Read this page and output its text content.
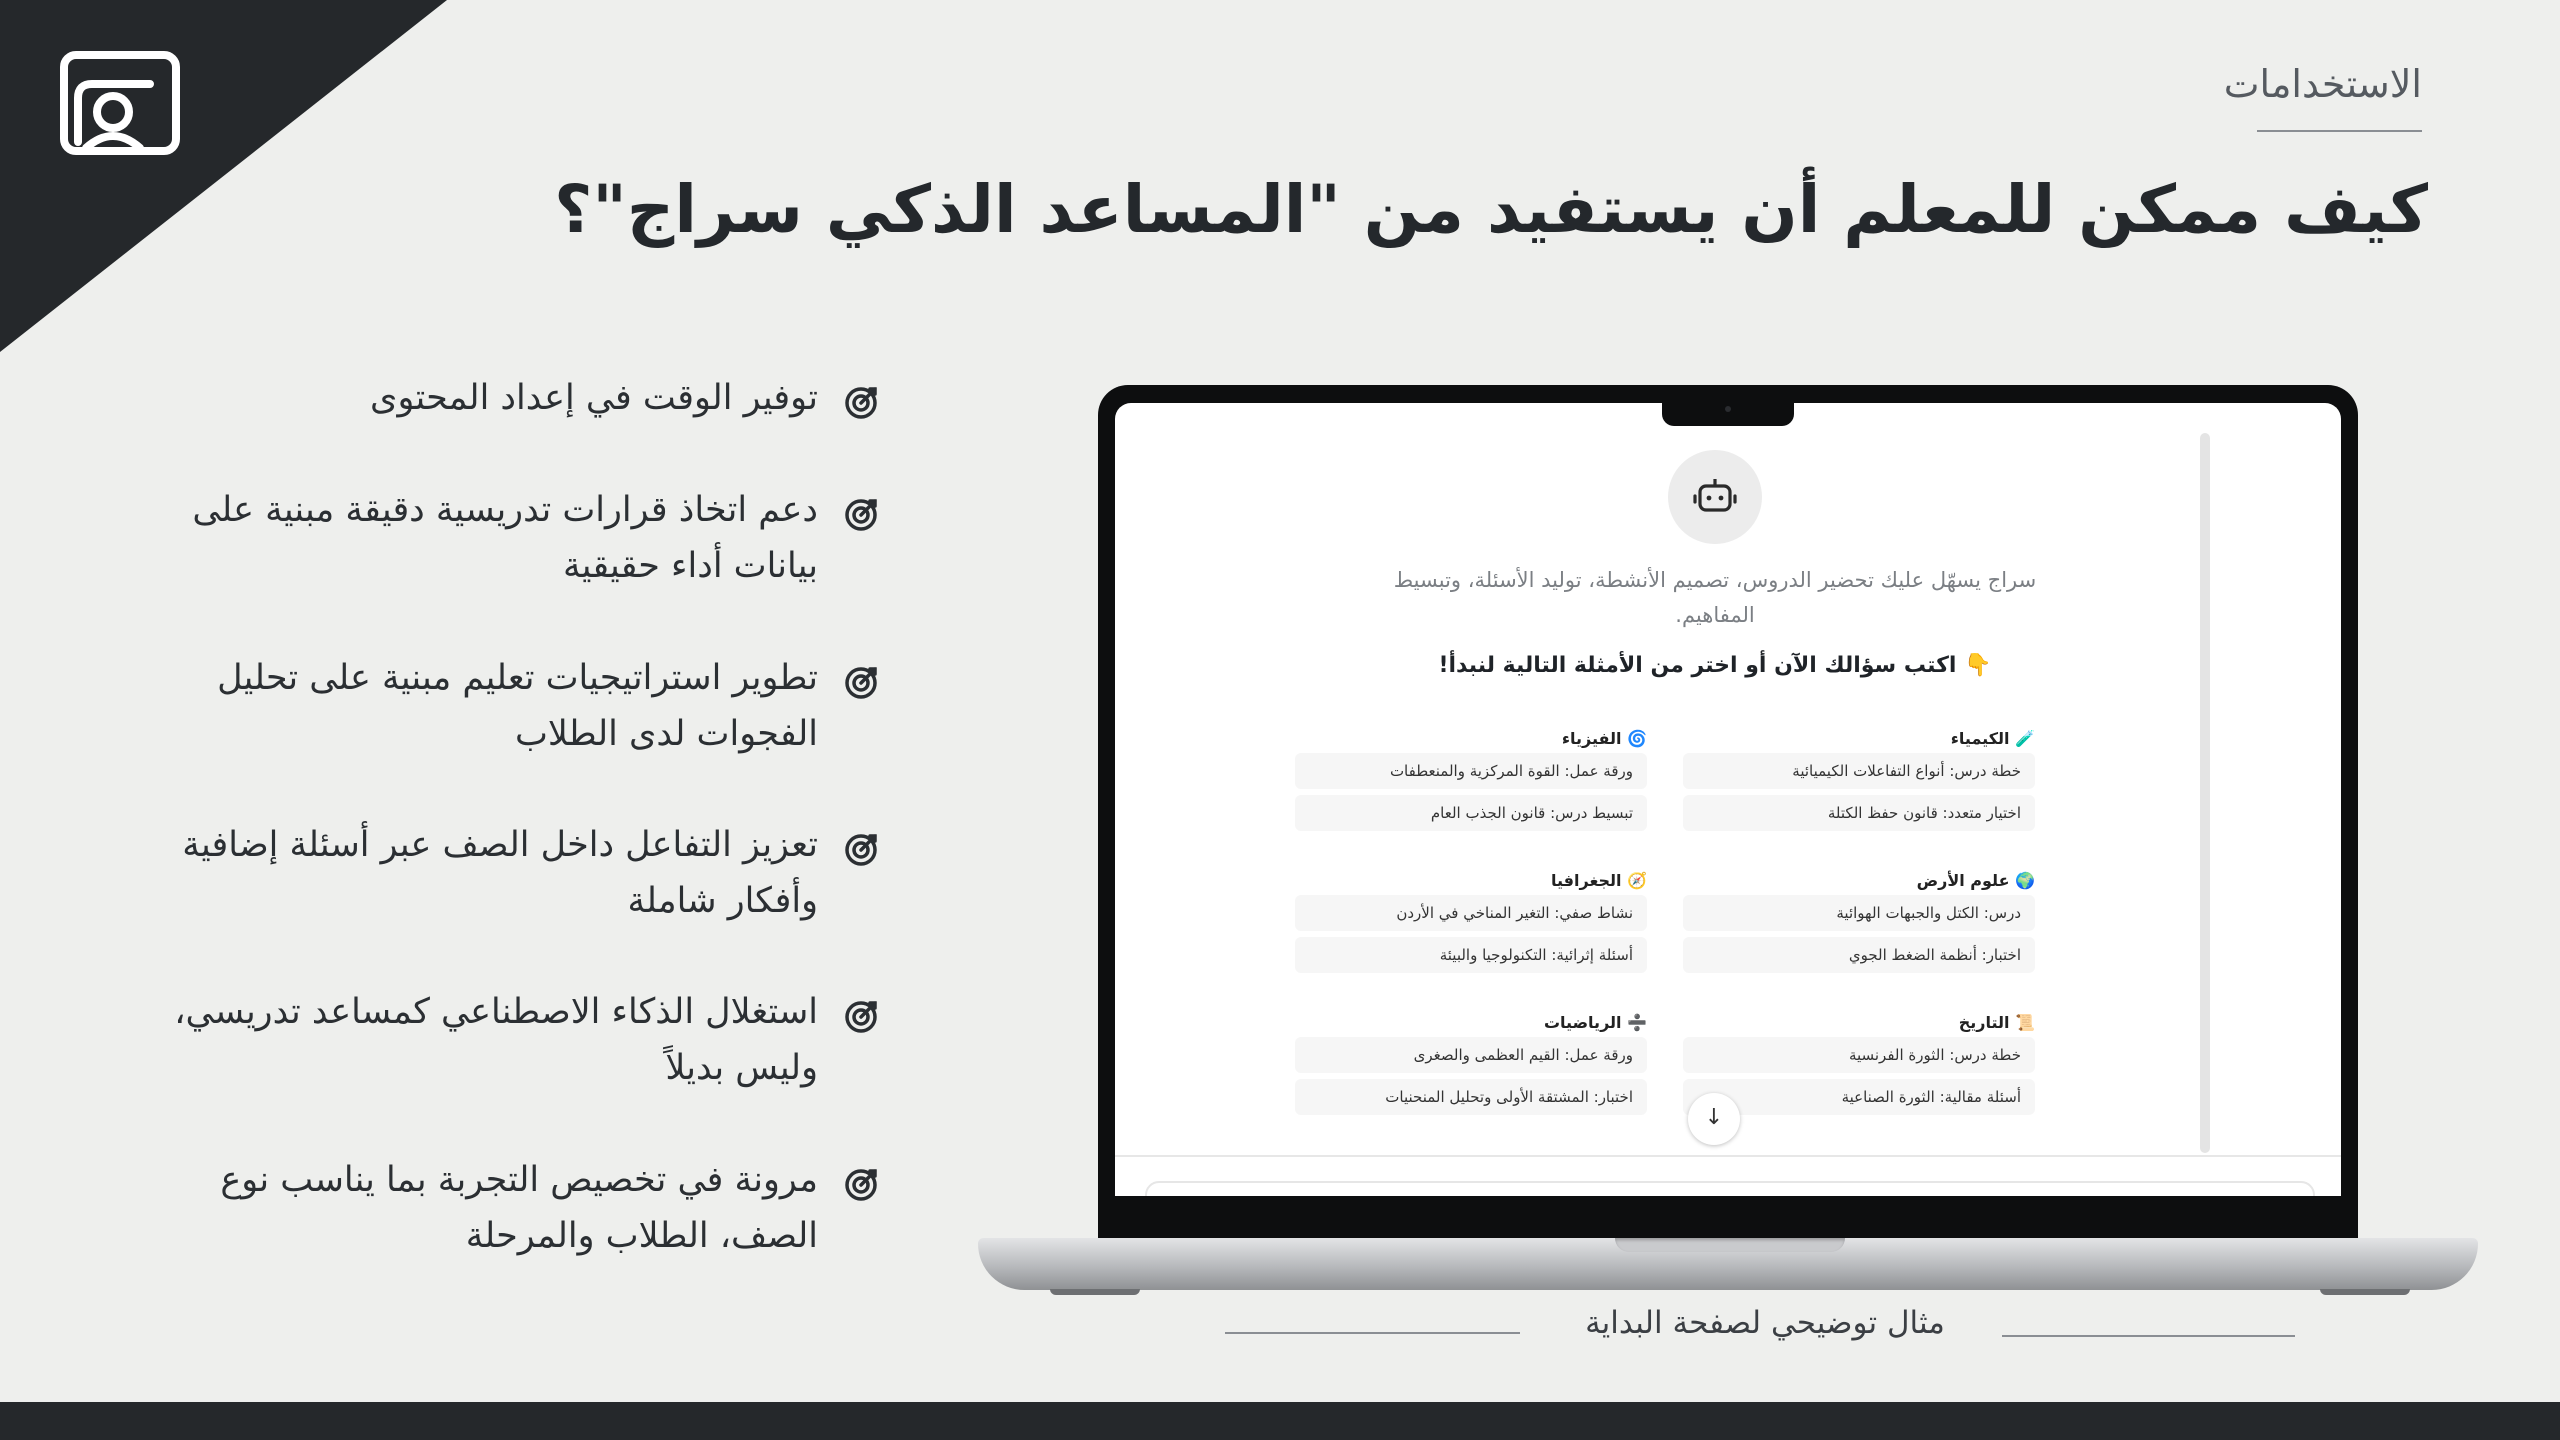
الاستخدامات
كيف ممكن للمعلم أن يستفيد من "المساعد الذكي سراج"؟
توفير الوقت في إعداد المحتوى
دعم اتخاذ قرارات تدريسية دقيقة مبنية على بيانات أداء حقيقية
تطوير استراتيجيات تعليم مبنية على تحليل الفجوات لدى الطلاب
تعزيز التفاعل داخل الصف عبر أسئلة إضافية وأفكار شاملة
استغلال الذكاء الاصطناعي كمساعد تدريسي، وليس بديلاً
مرونة في تخصيص التجربة بما يناسب نوع الصف، الطلاب والمرحلة
سراج يسهّل عليك تحضير الدروس، تصميم الأنشطة، توليد الأسئلة، وتبسيط المفاهيم.
👇 اكتب سؤالك الآن أو اختر من الأمثلة التالية لنبدأ!
🧪 الكيمياء
خطة درس: أنواع التفاعلات الكيميائية
اختيار متعدد: قانون حفظ الكتلة
🌍 علوم الأرض
درس: الكتل والجبهات الهوائية
اختبار: أنظمة الضغط الجوي
📜 التاريخ
خطة درس: الثورة الفرنسية
أسئلة مقالية: الثورة الصناعية
🌀 الفيزياء
ورقة عمل: القوة المركزية والمنعطفات
تبسيط درس: قانون الجذب العام
🧭 الجغرافيا
نشاط صفي: التغير المناخي في الأردن
أسئلة إثرائية: التكنولوجيا والبيئة
➗ الرياضيات
ورقة عمل: القيم العظمى والصغرى
اختبار: المشتقة الأولى وتحليل المنحنيات
↓
مثال توضيحي لصفحة البداية
